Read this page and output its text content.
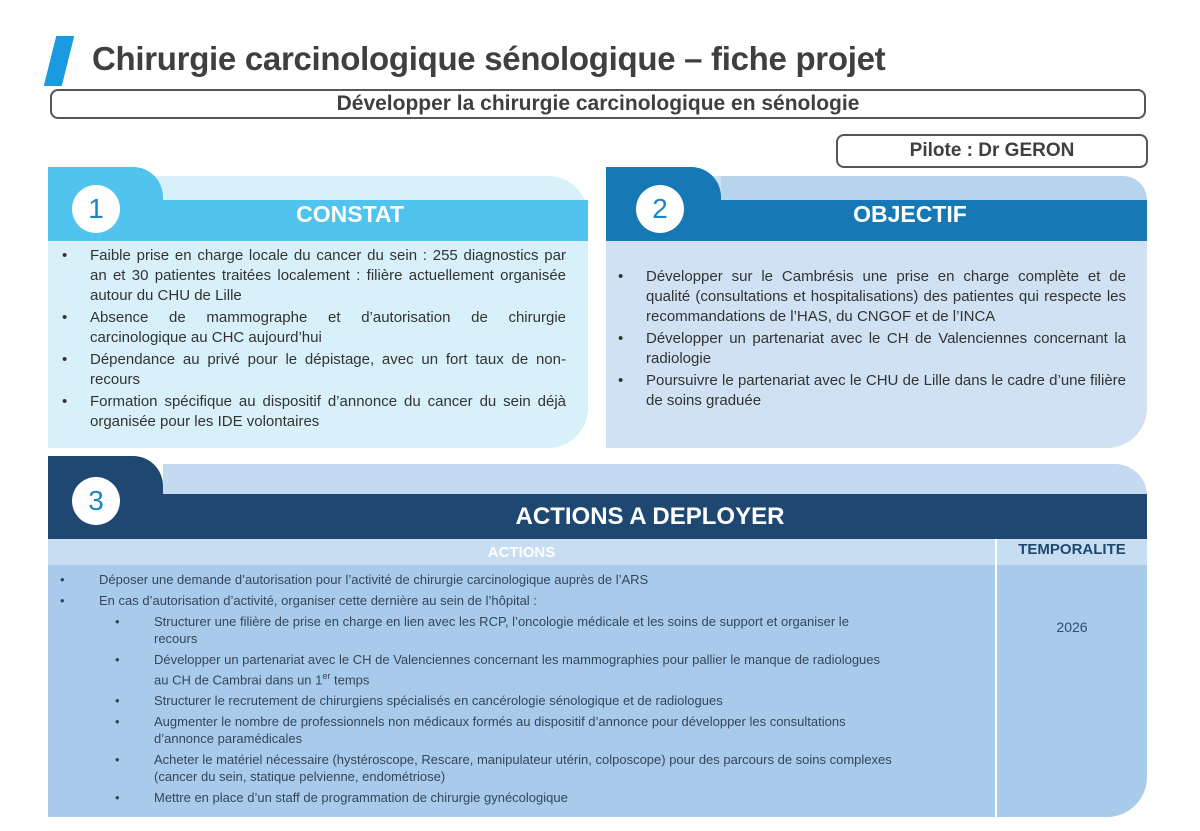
Chirurgie carcinologique sénologique – fiche projet
Développer la chirurgie carcinologique en sénologie
Pilote : Dr GERON
1	CONSTAT
• Faible prise en charge locale du cancer du sein : 255 diagnostics par an et 30 patientes traitées localement : filière actuellement organisée autour du CHU de Lille
• Absence de mammographe et d’autorisation de chirurgie carcinologique au CHC aujourd’hui
• Dépendance au privé pour le dépistage, avec un fort taux de non-recours
• Formation spécifique au dispositif d’annonce du cancer du sein déjà organisée pour les IDE volontaires
2	OBJECTIF
• Développer sur le Cambrésis une prise en charge complète et de qualité (consultations et hospitalisations) des patientes qui respecte les recommandations de l’HAS, du CNGOF et de l’INCA
• Développer un partenariat avec le CH de Valenciennes concernant la radiologie
• Poursuivre le partenariat avec le CHU de Lille dans le cadre d’une filière de soins graduée
3
ACTIONS A DEPLOYER
ACTIONS	TEMPORALITE
2026
• Déposer une demande d’autorisation pour l’activité de chirurgie carcinologique auprès de l’ARS
• En cas d’autorisation d’activité, organiser cette dernière au sein de l’hôpital :
• Structurer une filière de prise en charge en lien avec les RCP, l’oncologie médicale et les soins de support et organiser le recours
• Développer un partenariat avec le CH de Valenciennes concernant les mammographies pour pallier le manque de radiologues au CH de Cambrai dans un 1er temps
• Structurer le recrutement de chirurgiens spécialisés en cancérologie sénologique et de radiologues
• Augmenter le nombre de professionnels non médicaux formés au dispositif d’annonce pour développer les consultations d’annonce paramédicales
• Acheter le matériel nécessaire (hystéroscope, Rescare, manipulateur utérin, colposcope) pour des parcours de soins complexes (cancer du sein, statique pelvienne, endométriose)
• Mettre en place d’un staff de programmation de chirurgie gynécologique
